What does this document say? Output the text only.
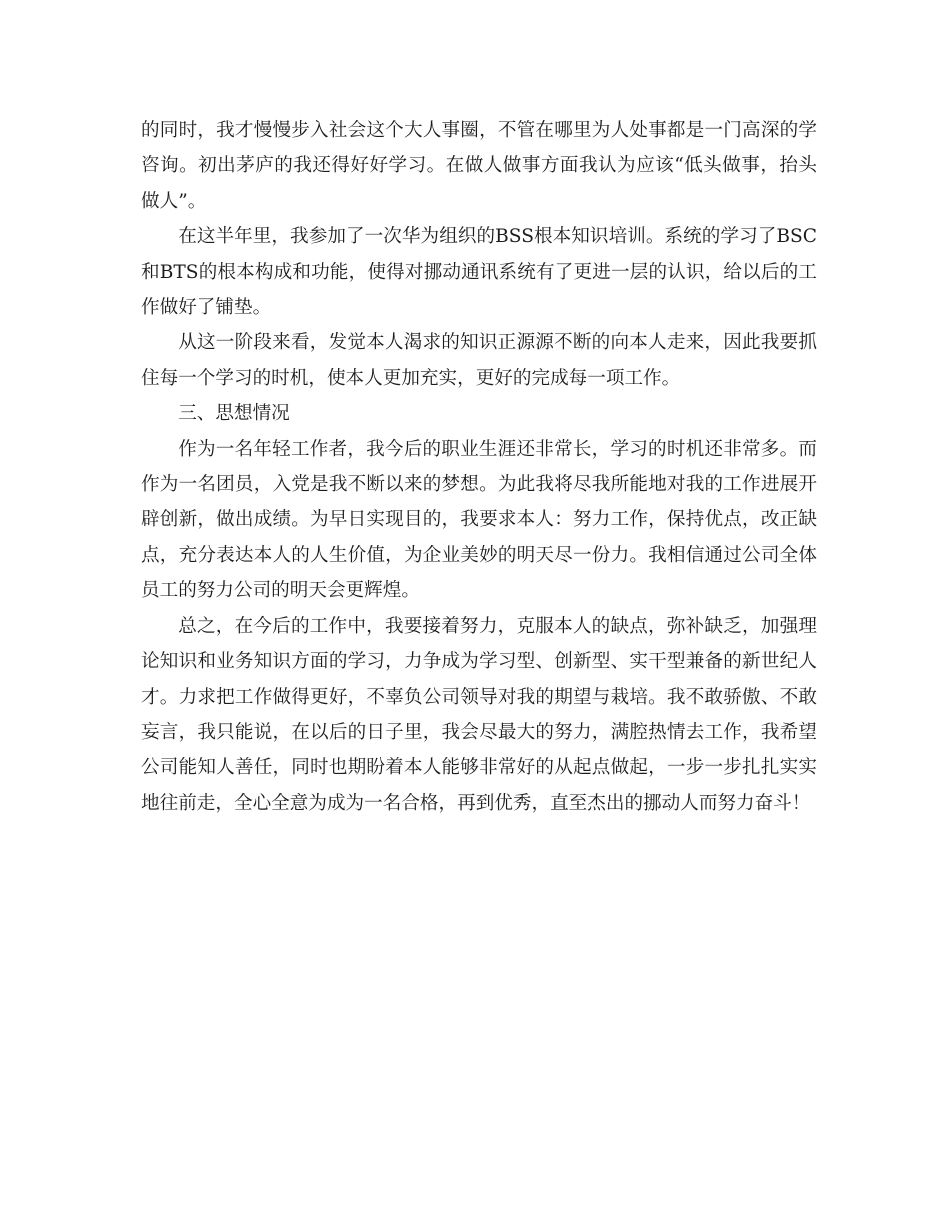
的同时，我才慢慢步入社会这个大人事圈，不管在哪里为人处事都是一门高深的学咨询。初出茅庐的我还得好好学习。在做人做事方面我认为应该“低头做事，抬头做人”。

在这半年里，我参加了一次华为组织的BSS根本知识培训。系统的学习了BSC和BTS的根本构成和功能，使得对挪动通讯系统有了更进一层的认识，给以后的工作做好了铺垫。

从这一阶段来看，发觉本人渴求的知识正源源不断的向本人走来，因此我要抓住每一个学习的时机，使本人更加充实，更好的完成每一项工作。

三、思想情况

作为一名年轻工作者，我今后的职业生涯还非常长，学习的时机还非常多。而作为一名团员，入党是我不断以来的梦想。为此我将尽我所能地对我的工作进展开辟创新，做出成绩。为早日实现目的，我要求本人：努力工作，保持优点，改正缺点，充分表达本人的人生价值，为企业美妙的明天尽一份力。我相信通过公司全体员工的努力公司的明天会更辉煌。

总之，在今后的工作中，我要接着努力，克服本人的缺点，弥补缺乏，加强理论知识和业务知识方面的学习，力争成为学习型、创新型、实干型兼备的新世纪人才。力求把工作做得更好，不辜负公司领导对我的期望与栽培。我不敢骄傲、不敢妄言，我只能说，在以后的日子里，我会尽最大的努力，满腔热情去工作，我希望公司能知人善任，同时也期盼着本人能够非常好的从起点做起，一步一步扎扎实实地往前走，全心全意为成为一名合格，再到优秀，直至杰出的挪动人而努力奋斗！
